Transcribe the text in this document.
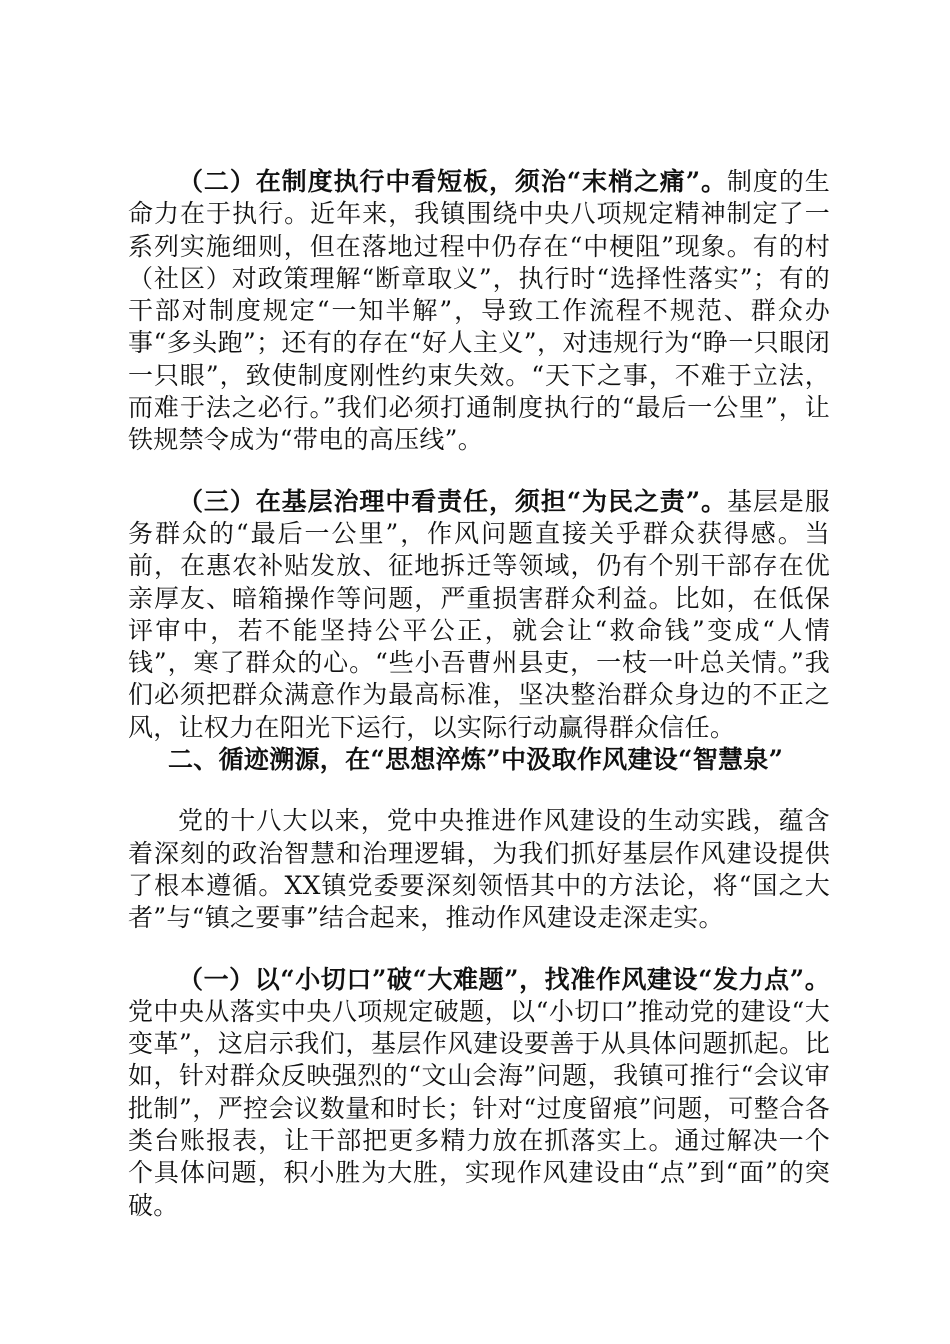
（二）在制度执行中看短板，须治“末梢之痛”。制度的生命力在于执行。近年来，我镇围绕中央八项规定精神制定了一系列实施细则，但在落地过程中仍存在“中梗阻”现象。有的村（社区）对政策理解“断章取义”，执行时“选择性落实”；有的干部对制度规定“一知半解”，导致工作流程不规范、群众办事“多头跑”；还有的存在“好人主义”，对违规行为“睁一只眼闭一只眼”，致使制度刚性约束失效。“天下之事，不难于立法，而难于法之必行。”我们必须打通制度执行的“最后一公里”，让铁规禁令成为“带电的高压线”。

（三）在基层治理中看责任，须担“为民之责”。基层是服务群众的“最后一公里”，作风问题直接关乎群众获得感。当前，在惠农补贴发放、征地拆迁等领域，仍有个别干部存在优亲厚友、暗箱操作等问题，严重损害群众利益。比如，在低保评审中，若不能坚持公平公正，就会让“救命钱”变成“人情钱”，寒了群众的心。“些小吾曹州县吏，一枝一叶总关情。”我们必须把群众满意作为最高标准，坚决整治群众身边的不正之风，让权力在阳光下运行，以实际行动赢得群众信任。

二、循迹溯源，在“思想淬炼”中汲取作风建设“智慧泉”

党的十八大以来，党中央推进作风建设的生动实践，蕴含着深刻的政治智慧和治理逻辑，为我们抓好基层作风建设提供了根本遵循。XX镇党委要深刻领悟其中的方法论，将“国之大者”与“镇之要事”结合起来，推动作风建设走深走实。

（一）以“小切口”破“大难题”，找准作风建设“发力点”。党中央从落实中央八项规定破题，以“小切口”推动党的建设“大变革”，这启示我们，基层作风建设要善于从具体问题抓起。比如，针对群众反映强烈的“文山会海”问题，我镇可推行“会议审批制”，严控会议数量和时长；针对“过度留痕”问题，可整合各类台账报表，让干部把更多精力放在抓落实上。通过解决一个个具体问题，积小胜为大胜，实现作风建设由“点”到“面”的突破。
